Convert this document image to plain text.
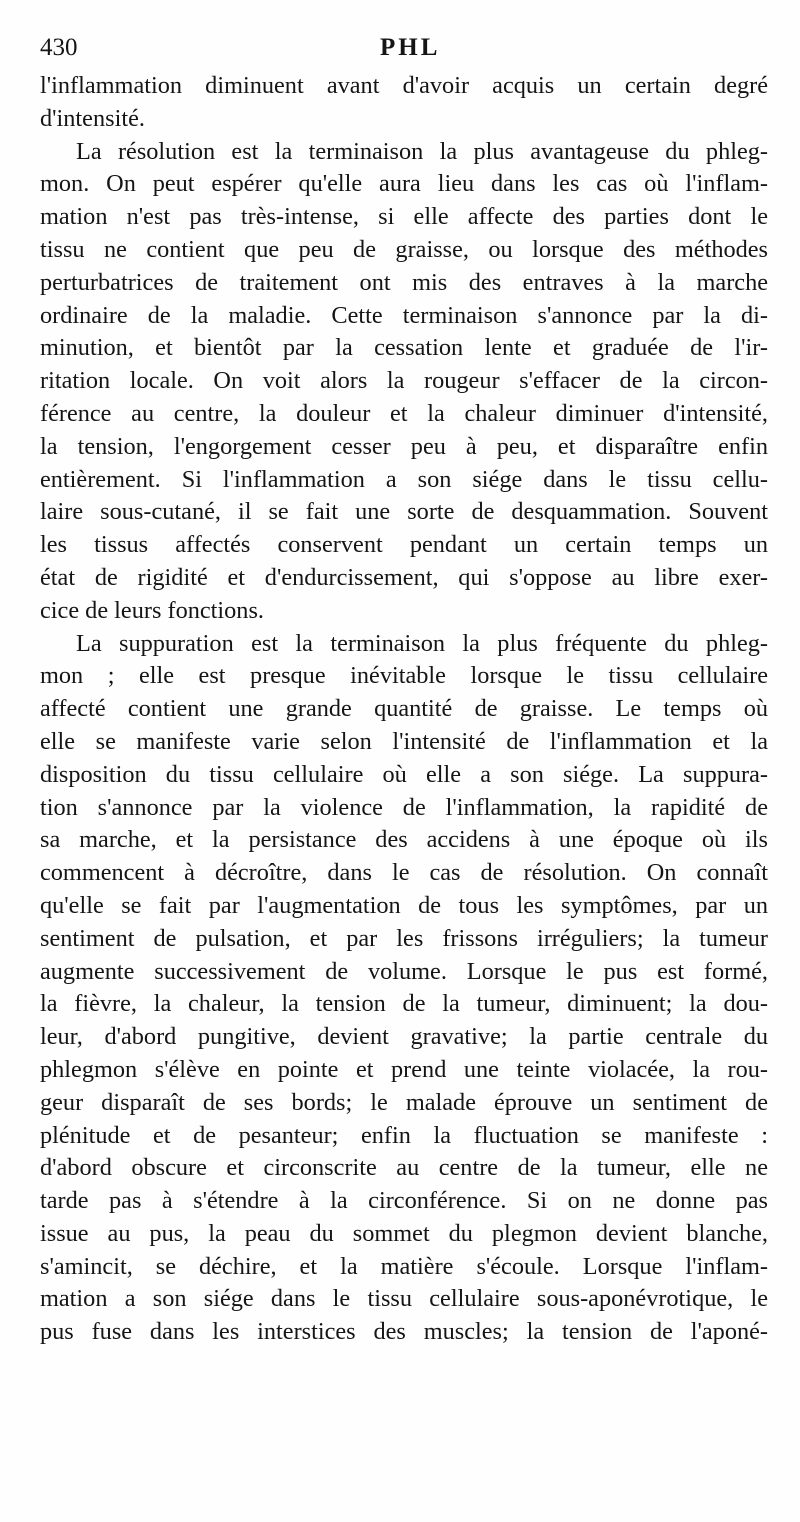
430	PHL
l'inflammation diminuent avant d'avoir acquis un certain degré
d'intensité.
La résolution est la terminaison la plus avantageuse du phleg-
mon. On peut espérer qu'elle aura lieu dans les cas où l'inflam-
mation n'est pas très-intense, si elle affecte des parties dont le
tissu ne contient que peu de graisse, ou lorsque des méthodes
perturbatrices de traitement ont mis des entraves à la marche
ordinaire de la maladie. Cette terminaison s'annonce par la di-
minution, et bientôt par la cessation lente et graduée de l'ir-
ritation locale. On voit alors la rougeur s'effacer de la circon-
férence au centre, la douleur et la chaleur diminuer d'intensité,
la tension, l'engorgement cesser peu à peu, et disparaître enfin
entièrement. Si l'inflammation a son siége dans le tissu cellu-
laire sous-cutané, il se fait une sorte de desquammation. Souvent
les tissus affectés conservent pendant un certain temps un
état de rigidité et d'endurcissement, qui s'oppose au libre exer-
cice de leurs fonctions.
La suppuration est la terminaison la plus fréquente du phleg-
mon ; elle est presque inévitable lorsque le tissu cellulaire
affecté contient une grande quantité de graisse. Le temps où
elle se manifeste varie selon l'intensité de l'inflammation et la
disposition du tissu cellulaire où elle a son siége. La suppura-
tion s'annonce par la violence de l'inflammation, la rapidité de
sa marche, et la persistance des accidens à une époque où ils
commencent à décroître, dans le cas de résolution. On connaît
qu'elle se fait par l'augmentation de tous les symptômes, par un
sentiment de pulsation, et par les frissons irréguliers; la tumeur
augmente successivement de volume. Lorsque le pus est formé,
la fièvre, la chaleur, la tension de la tumeur, diminuent; la dou-
leur, d'abord pungitive, devient gravative; la partie centrale du
phlegmon s'élève en pointe et prend une teinte violacée, la rou-
geur disparaît de ses bords; le malade éprouve un sentiment de
plénitude et de pesanteur; enfin la fluctuation se manifeste :
d'abord obscure et circonscrite au centre de la tumeur, elle ne
tarde pas à s'étendre à la circonférence. Si on ne donne pas
issue au pus, la peau du sommet du plegmon devient blanche,
s'amincit, se déchire, et la matière s'écoule. Lorsque l'inflam-
mation a son siége dans le tissu cellulaire sous-aponévrotique, le
pus fuse dans les interstices des muscles; la tension de l'aponé-
